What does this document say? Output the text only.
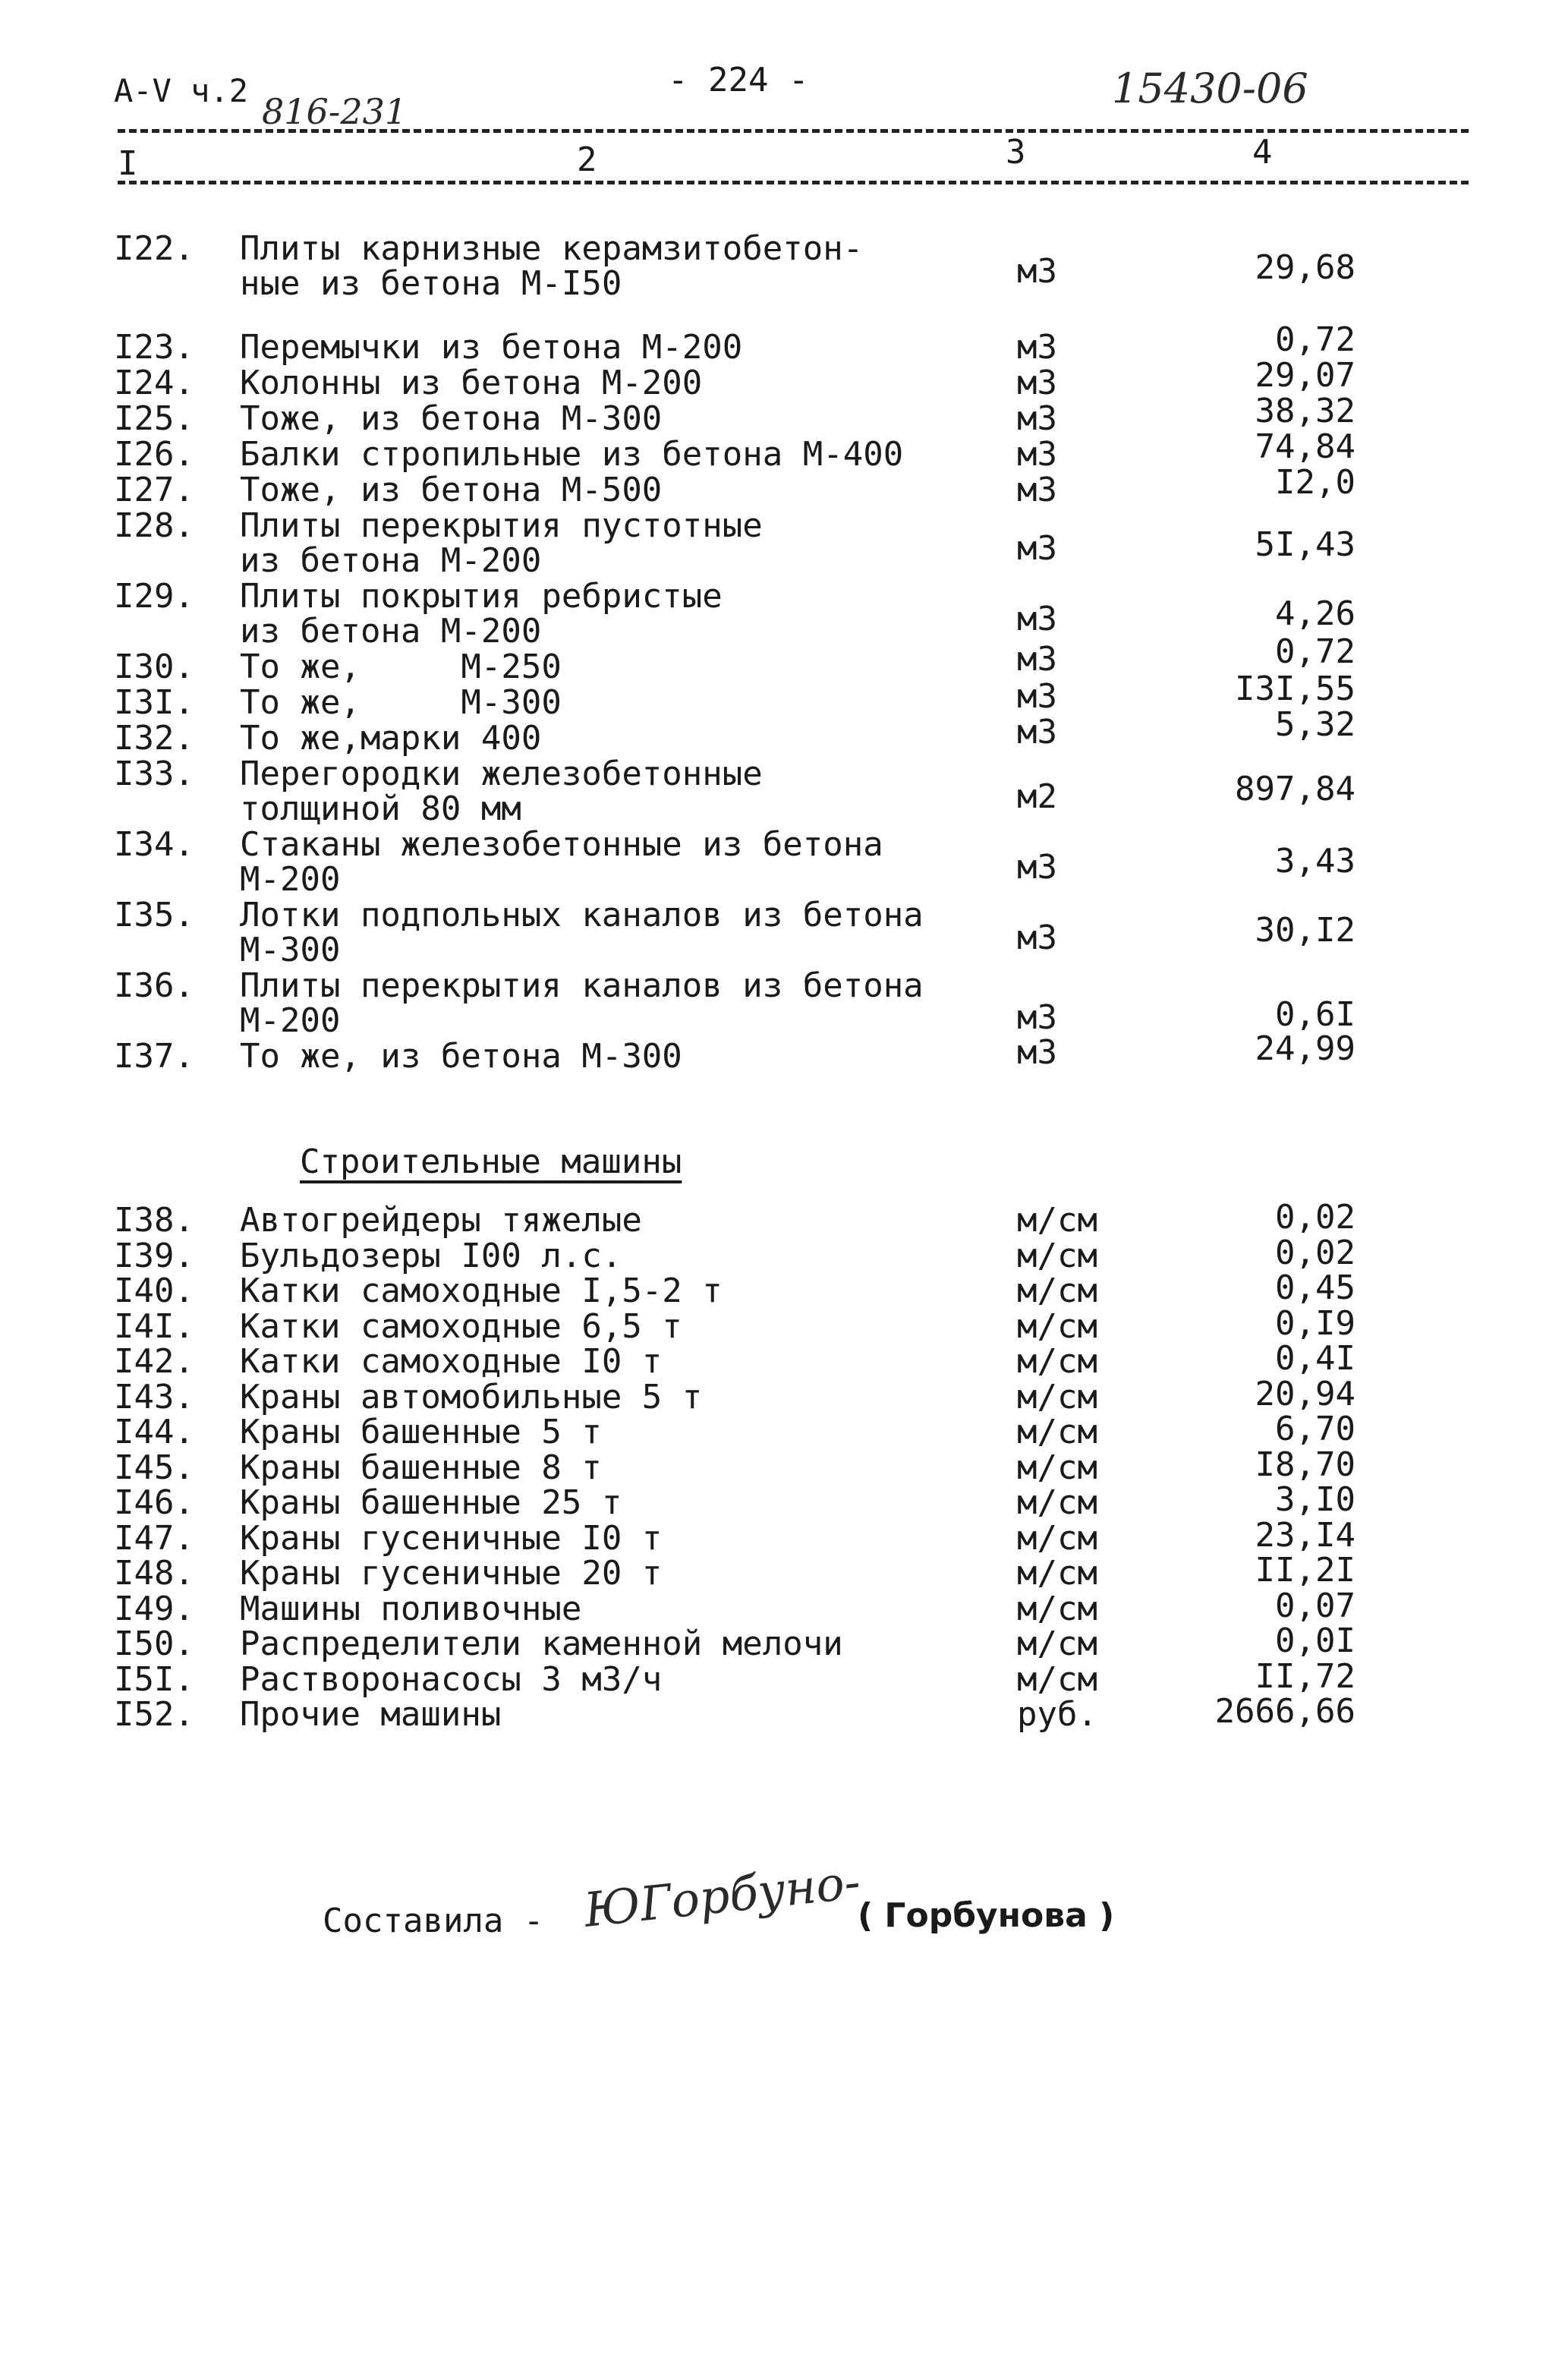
А-V ч.2	- 224 -
816-231	15430-06
I	2	3	4
I22. Плиты карнизные керамзитобетон-
ные из бетона М-I50	м3	29,68
I23. Перемычки из бетона М-200	м3	0,72
I24. Колонны из бетона М-200	м3	29,07
I25. Тоже, из бетона М-300	м3	38,32
I26. Балки стропильные из бетона М-400	м3	74,84
I27. Тоже, из бетона М-500	м3	I2,0
I28. Плиты перекрытия пустотные
из бетона М-200	м3	5I,43
I29. Плиты покрытия ребристые
из бетона М-200	м3	4,26
I30. То же,     М-250	м3	0,72
I3I. То же,     М-300	м3	I3I,55
I32. То же,марки 400	м3	5,32
I33. Перегородки железобетонные
толщиной 80 мм	м2	897,84
I34. Стаканы железобетонные из бетона
М-200	м3	3,43
I35. Лотки подпольных каналов из бетона
М-300	м3	30,I2
I36. Плиты перекрытия каналов из бетона
М-200	м3	0,6I
I37. То же, из бетона М-300	м3	24,99
Строительные машины
I38. Автогрейдеры тяжелые	м/см	0,02
I39. Бульдозеры I00 л.с.	м/см	0,02
I40. Катки самоходные I,5-2 т	м/см	0,45
I4I. Катки самоходные 6,5 т	м/см	0,I9
I42. Катки самоходные I0 т	м/см	0,4I
I43. Краны автомобильные 5 т	м/см	20,94
I44. Краны башенные 5 т	м/см	6,70
I45. Краны башенные 8 т	м/см	I8,70
I46. Краны башенные 25 т	м/см	3,I0
I47. Краны гусеничные I0 т	м/см	23,I4
I48. Краны гусеничные 20 т	м/см	II,2I
I49. Машины поливочные	м/см	0,07
I50. Распределители каменной мелочи	м/см	0,0I
I5I. Растворонасосы 3 м3/ч	м/см	II,72
I52. Прочие машины	руб.	2666,66
Составила - ЮГорбуно-
( Горбунова )
